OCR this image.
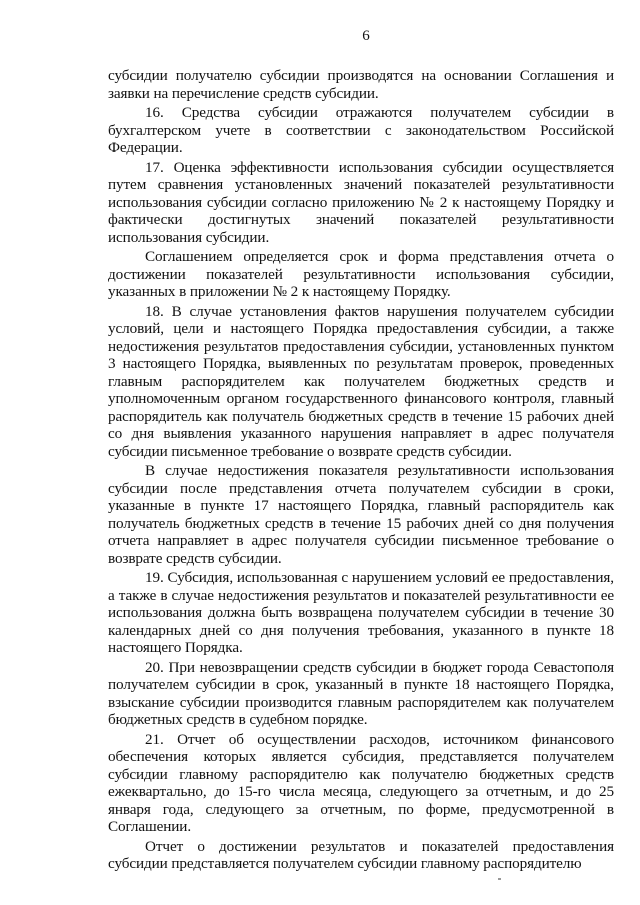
6

субсидии получателю субсидии производятся на основании Соглашения и заявки на перечисление средств субсидии.

16. Средства субсидии отражаются получателем субсидии в бухгалтерском учете в соответствии с законодательством Российской Федерации.

17. Оценка эффективности использования субсидии осуществляется путем сравнения установленных значений показателей результативности использования субсидии согласно приложению № 2 к настоящему Порядку и фактически достигнутых значений показателей результативности использования субсидии.

Соглашением определяется срок и форма представления отчета о достижении показателей результативности использования субсидии, указанных в приложении № 2 к настоящему Порядку.

18. В случае установления фактов нарушения получателем субсидии условий, цели и настоящего Порядка предоставления субсидии, а также недостижения результатов предоставления субсидии, установленных пунктом 3 настоящего Порядка, выявленных по результатам проверок, проведенных главным распорядителем как получателем бюджетных средств и уполномоченным органом государственного финансового контроля, главный распорядитель как получатель бюджетных средств в течение 15 рабочих дней со дня выявления указанного нарушения направляет в адрес получателя субсидии письменное требование о возврате средств субсидии.

В случае недостижения показателя результативности использования субсидии после представления отчета получателем субсидии в сроки, указанные в пункте 17 настоящего Порядка, главный распорядитель как получатель бюджетных средств в течение 15 рабочих дней со дня получения отчета направляет в адрес получателя субсидии письменное требование о возврате средств субсидии.

19. Субсидия, использованная с нарушением условий ее предоставления, а также в случае недостижения результатов и показателей результативности ее использования должна быть возвращена получателем субсидии в течение 30 календарных дней со дня получения требования, указанного в пункте 18 настоящего Порядка.

20. При невозвращении средств субсидии в бюджет города Севастополя получателем субсидии в срок, указанный в пункте 18 настоящего Порядка, взыскание субсидии производится главным распорядителем как получателем бюджетных средств в судебном порядке.

21. Отчет об осуществлении расходов, источником финансового обеспечения которых является субсидия, представляется получателем субсидии главному распорядителю как получателю бюджетных средств ежеквартально, до 15-го числа месяца, следующего за отчетным, и до 25 января года, следующего за отчетным, по форме, предусмотренной в Соглашении.

Отчет о достижении результатов и показателей предоставления субсидии представляется получателем субсидии главному распорядителю
